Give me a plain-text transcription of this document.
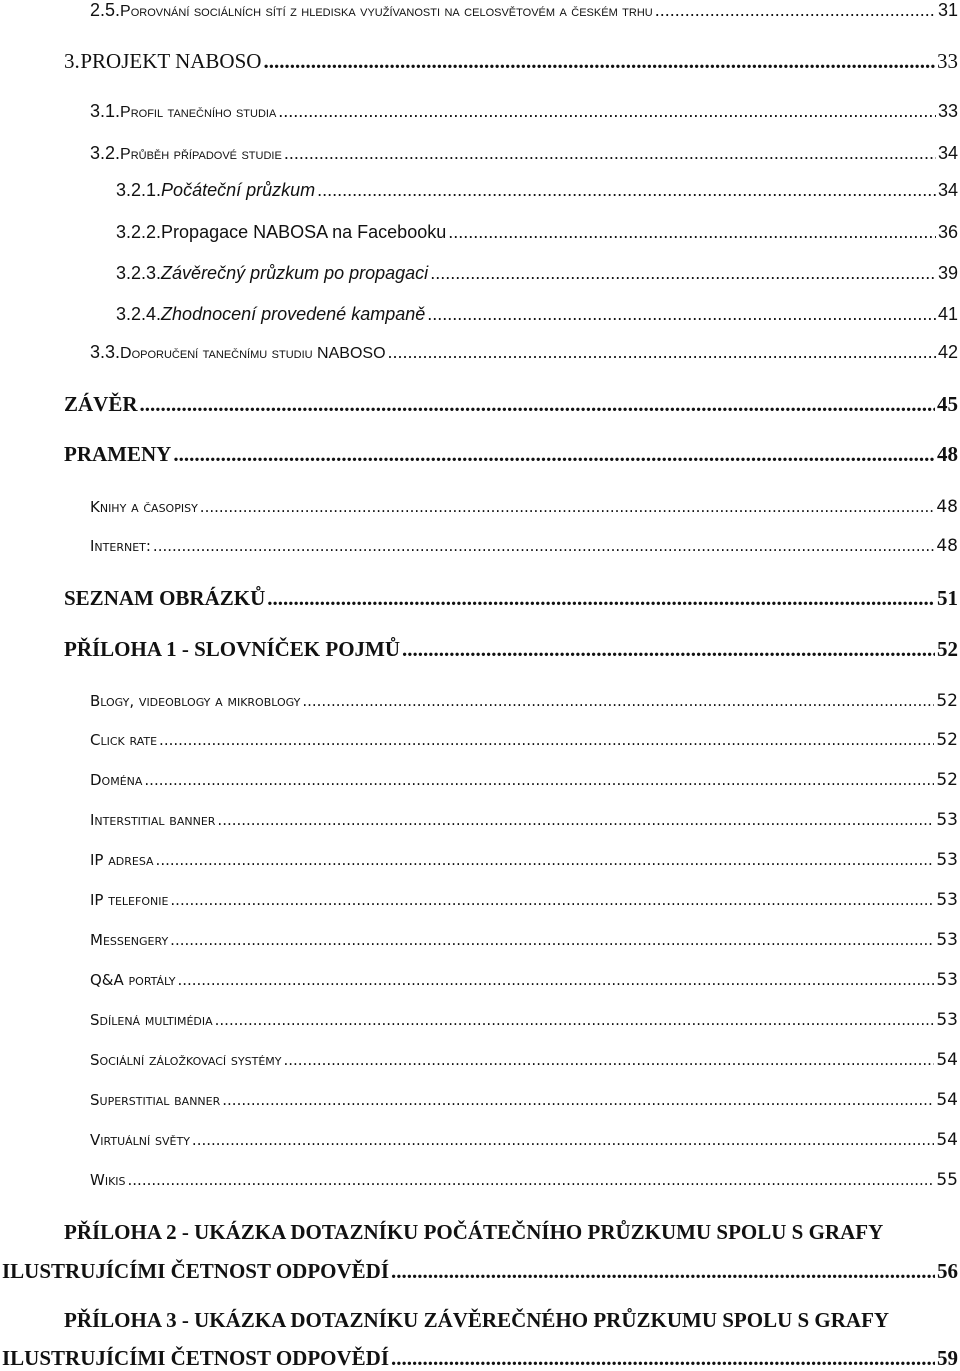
2.5. Porovnání sociálních sítí z hlediska využívanosti na celosvětovém a českém trhu .....	31
3. PROJEKT NABOSO .....	33
3.1. Profil tanečního studia .....	33
3.2. Průběh případové studie .....	34
3.2.1. Počáteční průzkum .....	34
3.2.2. Propagace NABOSA na Facebooku .....	36
3.2.3. Závěrečný průzkum po propagaci .....	39
3.2.4. Zhodnocení provedené kampaně .....	41
3.3. Doporučení tanečnímu studiu NABOSO .....	42
ZÁVĚR .....	45
PRAMENY .....	48
Knihy a časopisy .....	48
Internet: .....	48
SEZNAM OBRÁZKŮ .....	51
PŘÍLOHA 1 - SLOVNÍČEK POJMŮ .....	52
Blogy, videoblogy a mikroblogy .....	52
Click rate .....	52
Doména .....	52
Interstitial banner .....	53
IP adresa .....	53
IP telefonie .....	53
Messengery .....	53
Q&A portály .....	53
Sdílená multimédia .....	53
Sociální záložkovací systémy .....	54
Superstitial banner .....	54
Virtuální světy .....	54
Wikis .....	55
PŘÍLOHA 2 - UKÁZKA DOTAZNÍKU POČÁTEČNÍHO PRŮZKUMU SPOLU S GRAFY
ILUSTRUJÍCÍMI ČETNOST ODPOVĚDÍ .....	56
PŘÍLOHA 3 - UKÁZKA DOTAZNÍKU ZÁVĚREČNÉHO PRŮZKUMU SPOLU S GRAFY
ILUSTRUJÍCÍMI ČETNOST ODPOVĚDÍ .....	59
